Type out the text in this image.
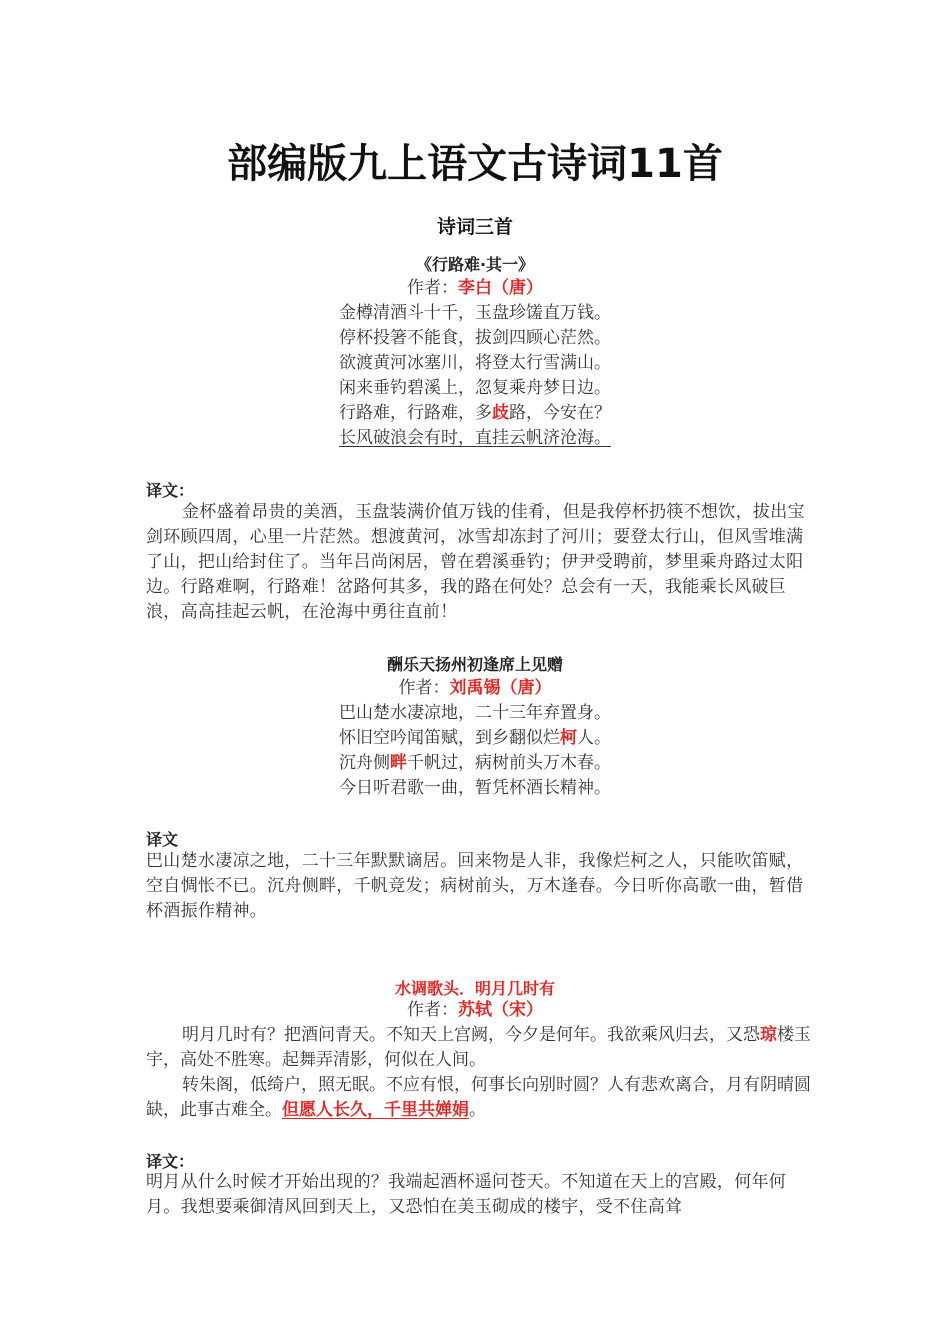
部编版九上语文古诗词11首
诗词三首
《行路难·其一》
作者：李白（唐）
金樽清酒斗十千，玉盘珍馐直万钱。
停杯投箸不能食，拔剑四顾心茫然。
欲渡黄河冰塞川，将登太行雪满山。
闲来垂钓碧溪上，忽复乘舟梦日边。
行路难，行路难，多歧路，今安在？
长风破浪会有时，直挂云帆济沧海。
译文：

金杯盛着昂贵的美酒，玉盘装满价值万钱的佳肴，但是我停杯扔筷不想饮，拔出宝剑环顾四周，心里一片茫然。想渡黄河，冰雪却冻封了河川；要登太行山，但风雪堆满了山，把山给封住了。当年吕尚闲居，曾在碧溪垂钓；伊尹受聘前，梦里乘舟路过太阳边。行路难啊，行路难！岔路何其多，我的路在何处？总会有一天，我能乘长风破巨浪，高高挂起云帆，在沧海中勇往直前！

酬乐天扬州初逢席上见赠
作者：刘禹锡（唐）
巴山楚水凄凉地，二十三年弃置身。
怀旧空吟闻笛赋，到乡翻似烂柯人。
沉舟侧畔千帆过，病树前头万木春。
今日听君歌一曲，暂凭杯酒长精神。
译文

巴山楚水凄凉之地，二十三年默默谪居。回来物是人非，我像烂柯之人，只能吹笛赋，空自惆怅不已。沉舟侧畔，千帆竞发；病树前头，万木逢春。今日听你高歌一曲，暂借杯酒振作精神。

水调歌头．明月几时有
作者：苏轼（宋）

明月几时有？把酒问青天。不知天上宫阙，今夕是何年。我欲乘风归去，又恐琼楼玉宇，高处不胜寒。起舞弄清影，何似在人间。

转朱阁，低绮户，照无眠。不应有恨，何事长向别时圆？人有悲欢离合，月有阴晴圆缺，此事古难全。但愿人长久，千里共婵娟。

译文：

明月从什么时候才开始出现的？我端起酒杯遥问苍天。不知道在天上的宫殿，何年何月。我想要乘御清风回到天上，又恐怕在美玉砌成的楼宇，受不住高耸
